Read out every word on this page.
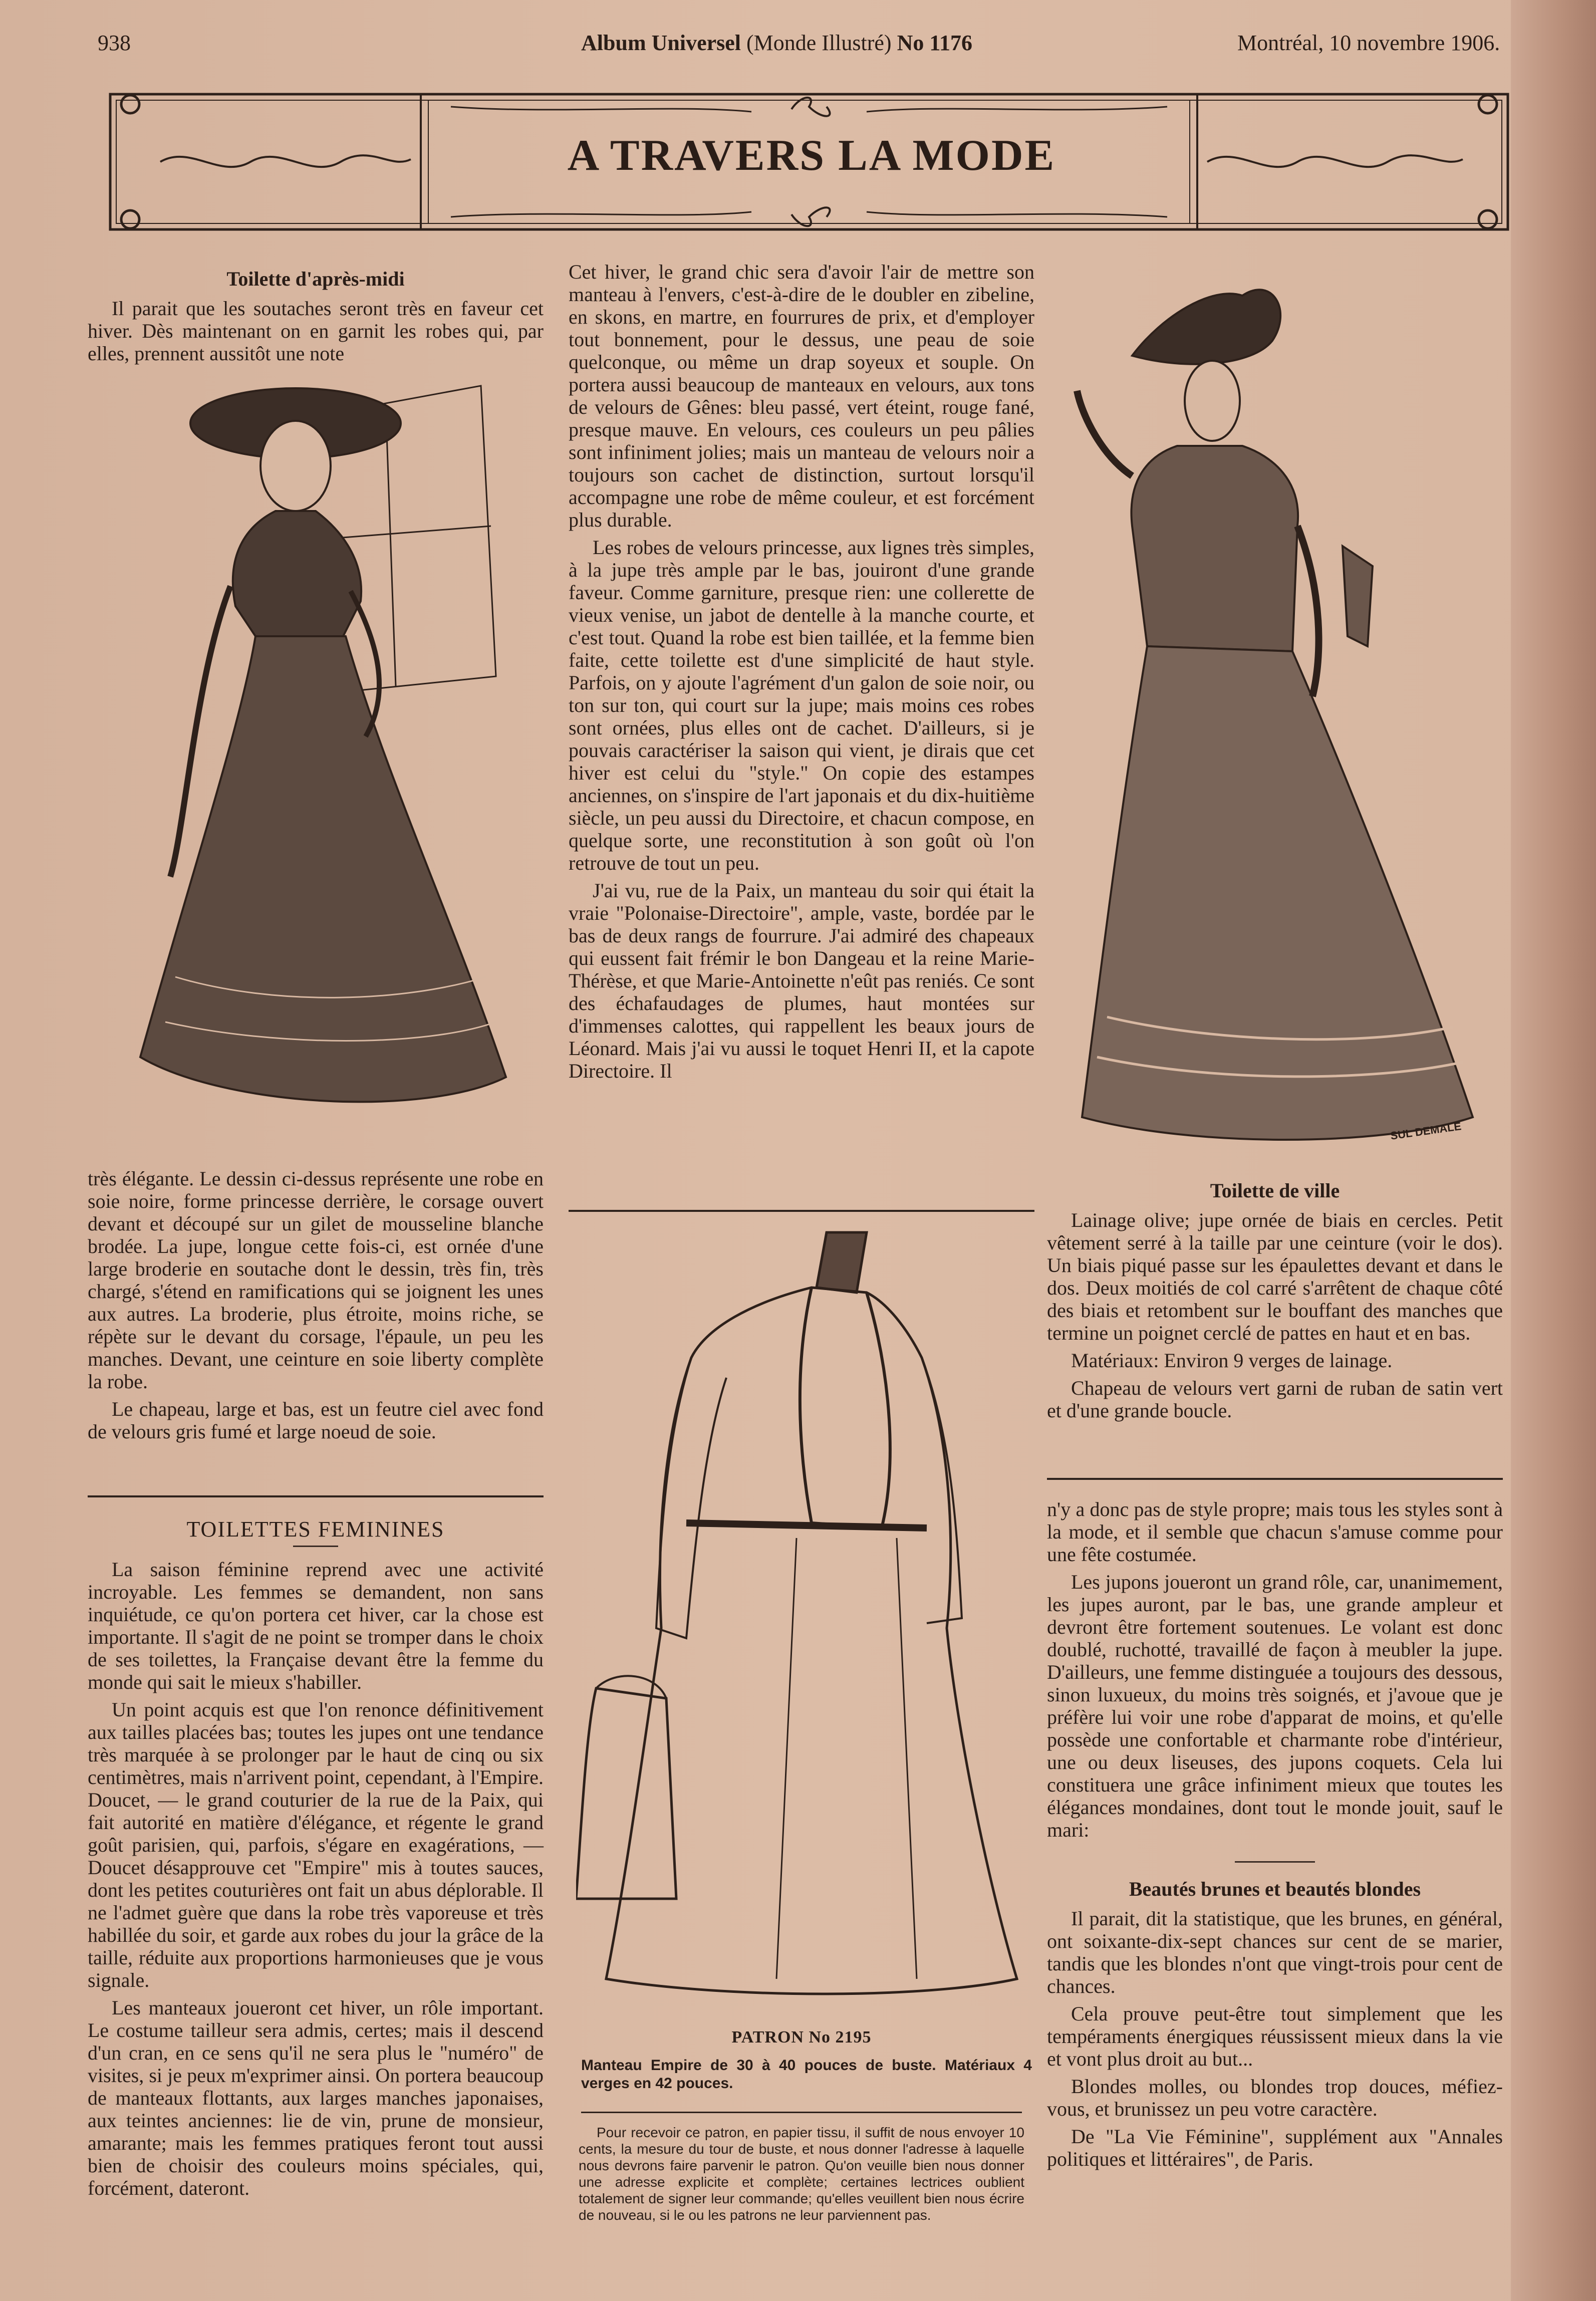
938	Album Universel (Monde Illustré) No 1176	Montréal, 10 novembre 1906.
A TRAVERS LA MODE
Toilette d'après-midi

Il parait que les soutaches seront très en faveur cet hiver. Dès maintenant on en garnit les robes qui, par elles, prennent aussitôt une note

très élégante. Le dessin ci-dessus représente une robe en soie noire, forme princesse derrière, le corsage ouvert devant et découpé sur un gilet de mousseline blanche brodée. La jupe, longue cette fois-ci, est ornée d'une large broderie en soutache dont le dessin, très fin, très chargé, s'étend en ramifications qui se joignent les unes aux autres. La broderie, plus étroite, moins riche, se répète sur le devant du corsage, l'épaule, un peu les manches. Devant, une ceinture en soie liberty complète la robe.

Le chapeau, large et bas, est un feutre ciel avec fond de velours gris fumé et large noeud de soie.

TOILETTES FEMININES

La saison féminine reprend avec une activité incroyable. Les femmes se demandent, non sans inquiétude, ce qu'on portera cet hiver, car la chose est importante. Il s'agit de ne point se tromper dans le choix de ses toilettes, la Française devant être la femme du monde qui sait le mieux s'habiller.

Un point acquis est que l'on renonce définitivement aux tailles placées bas; toutes les jupes ont une tendance très marquée à se prolonger par le haut de cinq ou six centimètres, mais n'arrivent point, cependant, à l'Empire. Doucet, — le grand couturier de la rue de la Paix, qui fait autorité en matière d'élégance, et régente le grand goût parisien, qui, parfois, s'égare en exagérations, — Doucet désapprouve cet "Empire" mis à toutes sauces, dont les petites couturières ont fait un abus déplorable. Il ne l'admet guère que dans la robe très vaporeuse et très habillée du soir, et garde aux robes du jour la grâce de la taille, réduite aux proportions harmonieuses que je vous signale.

Les manteaux joueront cet hiver, un rôle important. Le costume tailleur sera admis, certes; mais il descend d'un cran, en ce sens qu'il ne sera plus le "numéro" de visites, si je peux m'exprimer ainsi. On portera beaucoup de manteaux flottants, aux larges manches japonaises, aux teintes anciennes: lie de vin, prune de monsieur, amarante; mais les femmes pratiques feront tout aussi bien de choisir des couleurs moins spéciales, qui, forcément, dateront.

Cet hiver, le grand chic sera d'avoir l'air de mettre son manteau à l'envers, c'est-à-dire de le doubler en zibeline, en skons, en martre, en fourrures de prix, et d'employer tout bonnement, pour le dessus, une peau de soie quelconque, ou même un drap soyeux et souple. On portera aussi beaucoup de manteaux en velours, aux tons de velours de Gênes: bleu passé, vert éteint, rouge fané, presque mauve. En velours, ces couleurs un peu pâlies sont infiniment jolies; mais un manteau de velours noir a toujours son cachet de distinction, surtout lorsqu'il accompagne une robe de même couleur, et est forcément plus durable.

Les robes de velours princesse, aux lignes très simples, à la jupe très ample par le bas, jouiront d'une grande faveur. Comme garniture, presque rien: une collerette de vieux venise, un jabot de dentelle à la manche courte, et c'est tout. Quand la robe est bien taillée, et la femme bien faite, cette toilette est d'une simplicité de haut style. Parfois, on y ajoute l'agrément d'un galon de soie noir, ou ton sur ton, qui court sur la jupe; mais moins ces robes sont ornées, plus elles ont de cachet. D'ailleurs, si je pouvais caractériser la saison qui vient, je dirais que cet hiver est celui du "style." On copie des estampes anciennes, on s'inspire de l'art japonais et du dix-huitième siècle, un peu aussi du Directoire, et chacun compose, en quelque sorte, une reconstitution à son goût où l'on retrouve de tout un peu.

J'ai vu, rue de la Paix, un manteau du soir qui était la vraie "Polonaise-Directoire", ample, vaste, bordée par le bas de deux rangs de fourrure. J'ai admiré des chapeaux qui eussent fait frémir le bon Dangeau et la reine Marie-Thérèse, et que Marie-Antoinette n'eût pas reniés. Ce sont des échafaudages de plumes, haut montées sur d'immenses calottes, qui rappellent les beaux jours de Léonard. Mais j'ai vu aussi le toquet Henri II, et la capote Directoire. Il

PATRON No 2195
Manteau Empire de 30 à 40 pouces de buste. Matériaux 4 verges en 42 pouces.

Pour recevoir ce patron, en papier tissu, il suffit de nous envoyer 10 cents, la mesure du tour de buste, et nous donner l'adresse à laquelle nous devrons faire parvenir le patron. Qu'on veuille bien nous donner une adresse explicite et complète; certaines lectrices oublient totalement de signer leur commande; qu'elles veuillent bien nous écrire de nouveau, si le ou les patrons ne leur parviennent pas.

SUL DEMALE
Toilette de ville

Lainage olive; jupe ornée de biais en cercles. Petit vêtement serré à la taille par une ceinture (voir le dos). Un biais piqué passe sur les épaulettes devant et dans le dos. Deux moitiés de col carré s'arrêtent de chaque côté des biais et retombent sur le bouffant des manches que termine un poignet cerclé de pattes en haut et en bas.

Matériaux: Environ 9 verges de lainage.

Chapeau de velours vert garni de ruban de satin vert et d'une grande boucle.

n'y a donc pas de style propre; mais tous les styles sont à la mode, et il semble que chacun s'amuse comme pour une fête costumée.

Les jupons joueront un grand rôle, car, unanimement, les jupes auront, par le bas, une grande ampleur et devront être fortement soutenues. Le volant est donc doublé, ruchotté, travaillé de façon à meubler la jupe. D'ailleurs, une femme distinguée a toujours des dessous, sinon luxueux, du moins très soignés, et j'avoue que je préfère lui voir une robe d'apparat de moins, et qu'elle possède une confortable et charmante robe d'intérieur, une ou deux liseuses, des jupons coquets. Cela lui constituera une grâce infiniment mieux que toutes les élégances mondaines, dont tout le monde jouit, sauf le mari:

Beautés brunes et beautés blondes

Il parait, dit la statistique, que les brunes, en général, ont soixante-dix-sept chances sur cent de se marier, tandis que les blondes n'ont que vingt-trois pour cent de chances.

Cela prouve peut-être tout simplement que les tempéraments énergiques réussissent mieux dans la vie et vont plus droit au but...

Blondes molles, ou blondes trop douces, méfiez-vous, et brunissez un peu votre caractère.

De "La Vie Féminine", supplément aux "Annales politiques et littéraires", de Paris.
